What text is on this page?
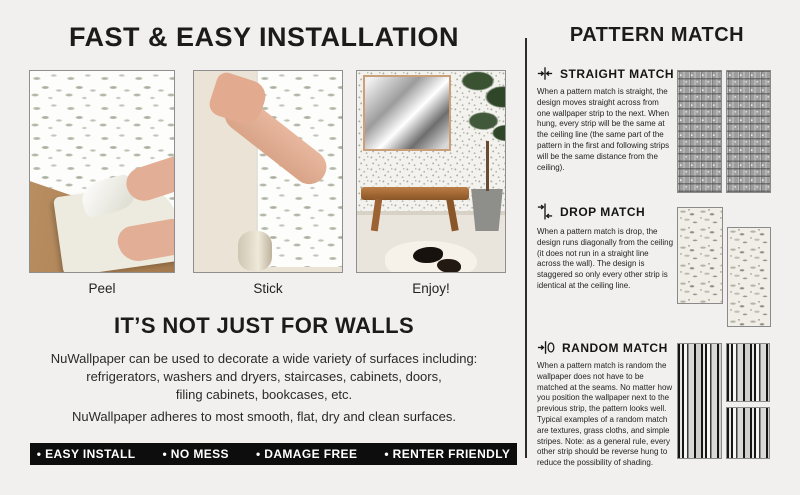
FAST & EASY INSTALLATION
Peel	Stick	Enjoy!
IT’S NOT JUST FOR WALLS
NuWallpaper can be used to decorate a wide variety of surfaces including:
refrigerators, washers and dryers, staircases, cabinets, doors,
filing cabinets, bookcases, etc.
NuWallpaper adheres to most smooth, flat, dry and clean surfaces.
• EASY INSTALL • NO MESS • DAMAGE FREE • RENTER FRIENDLY
PATTERN MATCH
STRAIGHT MATCH
When a pattern match is straight, the design moves straight across from one wallpaper strip to the next. When hung, every strip will be the same at the ceiling line (the same part of the pattern in the first and following strips will be the same distance from the ceiling).
DROP MATCH
When a pattern match is drop, the design runs diagonally from the ceiling (it does not run in a straight line across the wall). The design is staggered so only every other strip is identical at the ceiling line.
RANDOM MATCH
When a pattern match is random the wallpaper does not have to be matched at the seams. No matter how you position the wallpaper next to the previous strip, the pattern looks well. Typical examples of a random match are textures, grass cloths, and simple stripes. Note: as a general rule, every other strip should be reverse hung to reduce the possibility of shading.
